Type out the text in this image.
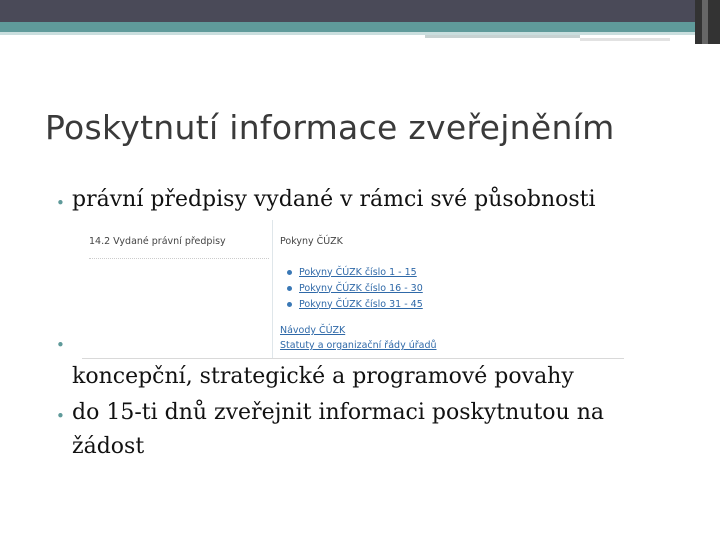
Poskytnutí informace zveřejněním
• právní předpisy vydané v rámci své působnosti
14.2 Vydané právní předpisy	Pokyny ČÚZK
Pokyny ČÚZK číslo 1 - 15
Pokyny ČÚZK číslo 16 - 30
Pokyny ČÚZK číslo 31 - 45
Návody ČÚZK
Statuty a organizační řády úřadů
•
koncepční, strategické a programové povahy
• do 15-ti dnů zveřejnit informaci poskytnutou na
žádost
